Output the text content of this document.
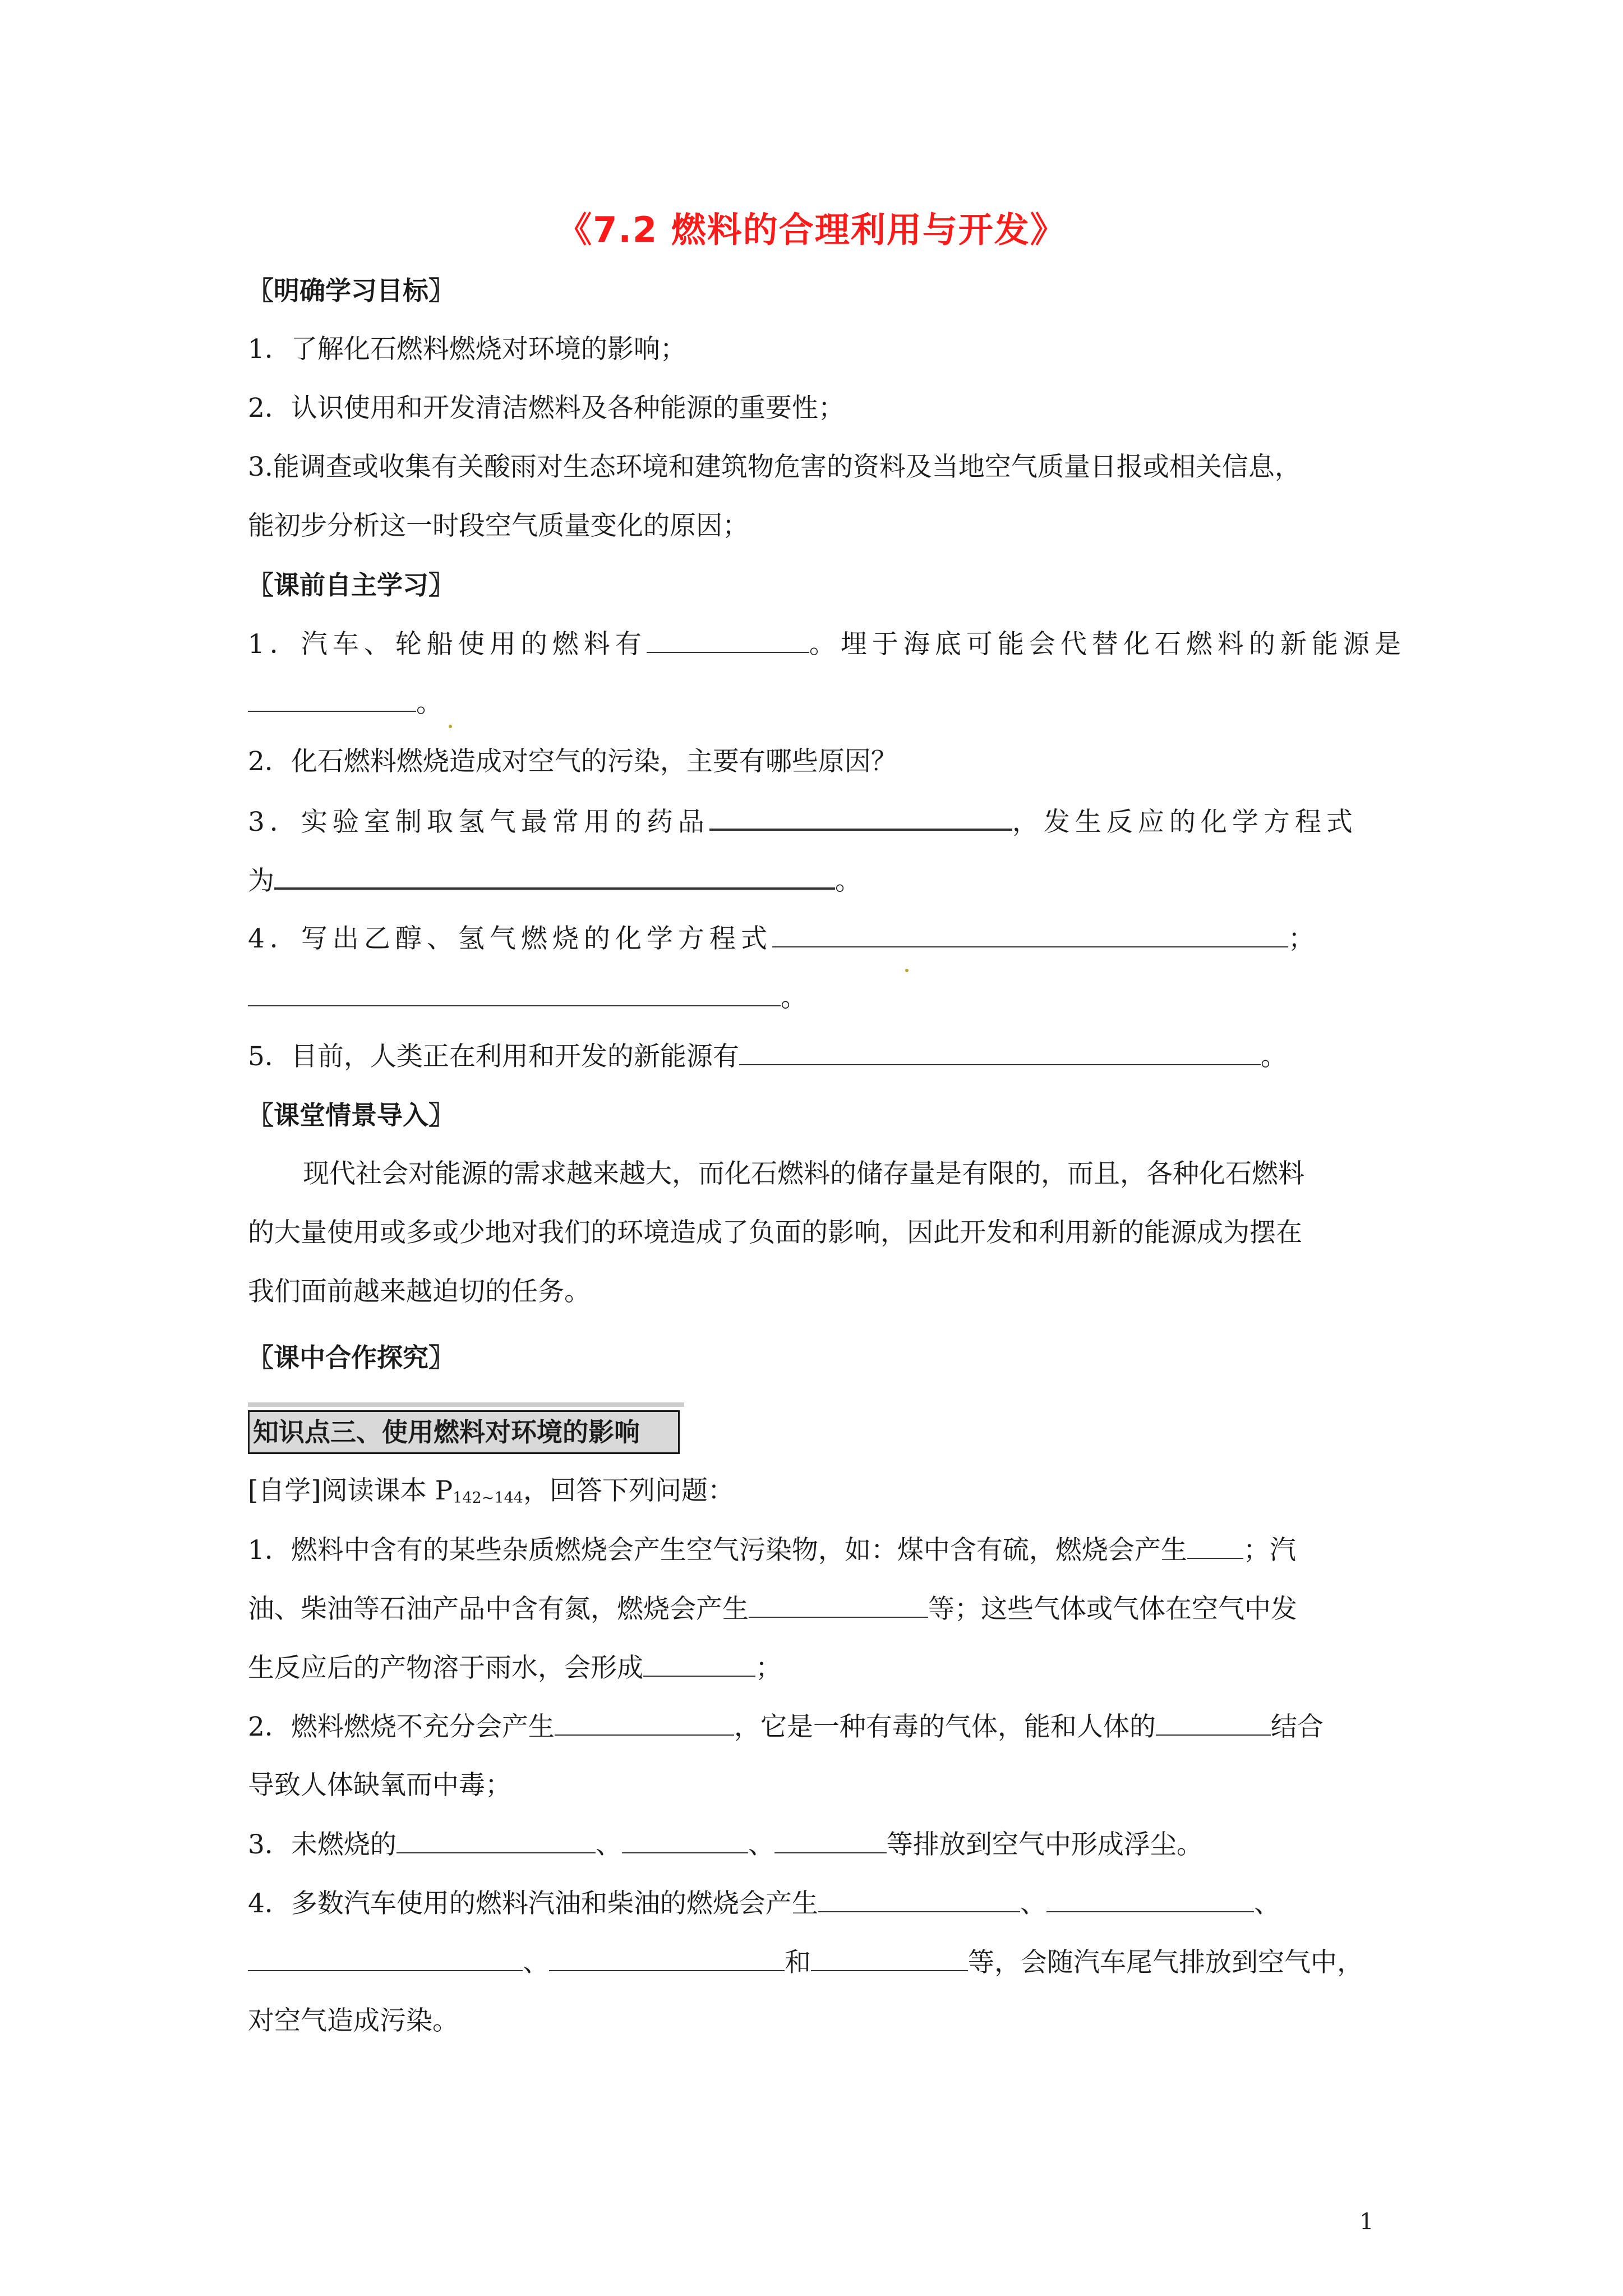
《7.2 燃料的合理利用与开发》
〖明确学习目标〗
1．了解化石燃料燃烧对环境的影响；
2．认识使用和开发清洁燃料及各种能源的重要性；
3.能调查或收集有关酸雨对生态环境和建筑物危害的资料及当地空气质量日报或相关信息，
能初步分析这一时段空气质量变化的原因；
〖课前自主学习〗
1．汽车、轮船使用的燃料有	。埋于海底可能会代替化石燃料的新能源是
。
2．化石燃料燃烧造成对空气的污染，主要有哪些原因？
3．实验室制取氢气最常用的药品	，发生反应的化学方程式
为	。
4．写出乙醇、氢气燃烧的化学方程式	；
。
5．目前，人类正在利用和开发的新能源有	。
〖课堂情景导入〗
现代社会对能源的需求越来越大，而化石燃料的储存量是有限的，而且，各种化石燃料
的大量使用或多或少地对我们的环境造成了负面的影响，因此开发和利用新的能源成为摆在
我们面前越来越迫切的任务。
〖课中合作探究〗
知识点三、使用燃料对环境的影响
[自学]阅读课本 $P_{142\sim 144}$，回答下列问题：
1．燃料中含有的某些杂质燃烧会产生空气污染物，如：煤中含有硫，燃烧会产生 ；汽
油、柴油等石油产品中含有氮，燃烧会产生	等；这些气体或气体在空气中发
生反应后的产物溶于雨水，会形成	；
2．燃料燃烧不充分会产生	，它是一种有毒的气体，能和人体的	结合
导致人体缺氧而中毒；
3．未燃烧的	、	、	等排放到空气中形成浮尘。
4．多数汽车使用的燃料汽油和柴油的燃烧会产生	、	、
、	和	等，会随汽车尾气排放到空气中，
对空气造成污染。
1
